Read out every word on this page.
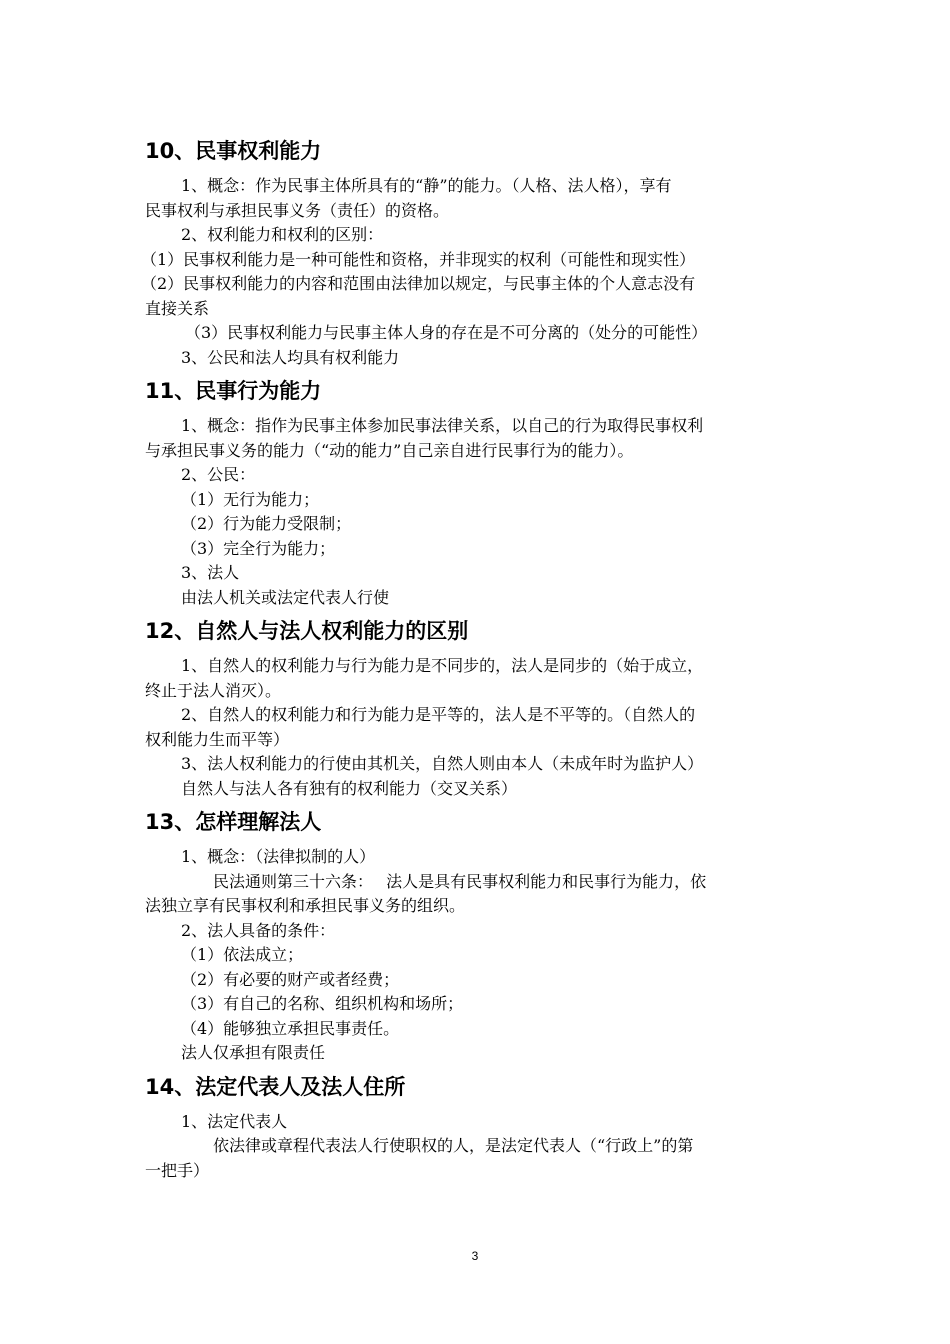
10、民事权利能力
1、概念：作为民事主体所具有的“静”的能力。（人格、法人格），享有
民事权利与承担民事义务（责任）的资格。
2、权利能力和权利的区别：
（1）民事权利能力是一种可能性和资格，并非现实的权利（可能性和现实性）
（2）民事权利能力的内容和范围由法律加以规定，与民事主体的个人意志没有
直接关系
（3）民事权利能力与民事主体人身的存在是不可分离的（处分的可能性）
3、公民和法人均具有权利能力
11、民事行为能力
1、概念：指作为民事主体参加民事法律关系，以自己的行为取得民事权利
与承担民事义务的能力（“动的能力”自己亲自进行民事行为的能力）。
2、公民：
（1）无行为能力；
（2）行为能力受限制；
（3）完全行为能力；
3、法人
由法人机关或法定代表人行使
12、自然人与法人权利能力的区别
1、自然人的权利能力与行为能力是不同步的，法人是同步的（始于成立，
终止于法人消灭）。
2、自然人的权利能力和行为能力是平等的，法人是不平等的。（自然人的
权利能力生而平等）
3、法人权利能力的行使由其机关，自然人则由本人（未成年时为监护人）
自然人与法人各有独有的权利能力（交叉关系）
13、怎样理解法人
1、概念：（法律拟制的人）
民法通则第三十六条：　 法人是具有民事权利能力和民事行为能力，依
法独立享有民事权利和承担民事义务的组织。
2、法人具备的条件：
（1）依法成立；
（2）有必要的财产或者经费；
（3）有自己的名称、组织机构和场所；
（4）能够独立承担民事责任。
法人仅承担有限责任
14、法定代表人及法人住所
1、法定代表人
依法律或章程代表法人行使职权的人，是法定代表人（“行政上”的第
一把手）
3
